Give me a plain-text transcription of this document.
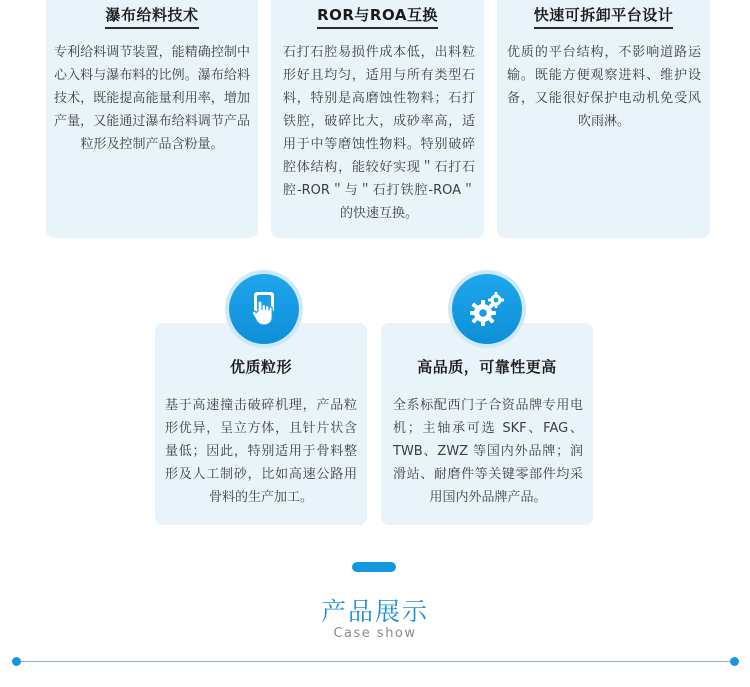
瀑布给料技术
专利给料调节装置，能精确控制中心入料与瀑布料的比例。瀑布给料技术，既能提高能量利用率，增加产量，又能通过瀑布给料调节产品粒形及控制产品含粉量。
ROR与ROA互换
石打石腔易损件成本低，出料粒形好且均匀，适用与所有类型石料，特别是高磨蚀性物料；石打铁腔，破碎比大，成砂率高，适用于中等磨蚀性物料。特别破碎腔体结构，能较好实现＂石打石腔-ROR＂与＂石打铁腔-ROA＂的快速互换。
快速可拆卸平台设计
优质的平台结构，不影响道路运输。既能方便观察进料、维护设备，又能很好保护电动机免受风吹雨淋。
优质粒形
基于高速撞击破碎机理，产品粒形优异，呈立方体，且针片状含量低；因此，特别适用于骨料整形及人工制砂，比如高速公路用骨料的生产加工。
高品质，可靠性更高
全系标配西门子合资品牌专用电机；主轴承可选 SKF、FAG、TWB、ZWZ 等国内外品牌；润滑站、耐磨件等关键零部件均采用国内外品牌产品。
产品展示
Case show
